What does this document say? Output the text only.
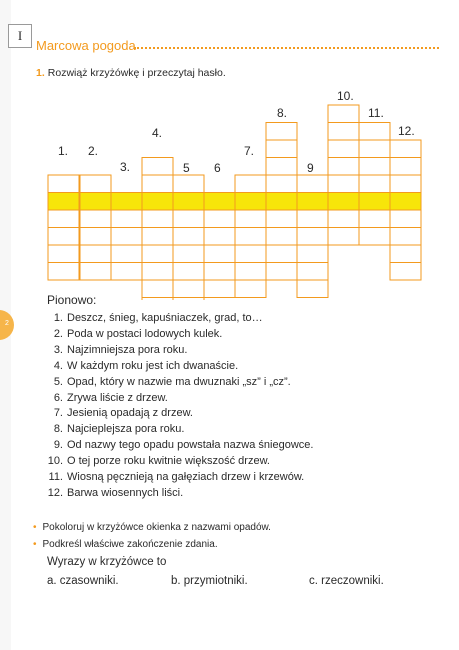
I
Marcowa pogoda
1. Rozwiąż krzyżówkę i przeczytaj hasło.
1. 2.
3.
4.
5 6
7.
8.
9
10.
11.
12.
2
Pionowo:
1. Deszcz, śnieg, kapuśniaczek, grad, to…
2. Poda w postaci lodowych kulek.
3. Najzimniejsza pora roku.
4. W każdym roku jest ich dwanaście.
5. Opad, który w nazwie ma dwuznaki „sz” i „cz”.
6. Zrywa liście z drzew.
7. Jesienią opadają z drzew.
8. Najcieplejsza pora roku.
9. Od nazwy tego opadu powstała nazwa śniegowce.
10. O tej porze roku kwitnie większość drzew.
11. Wiosną pęcznieją na gałęziach drzew i krzewów.
12. Barwa wiosennych liści.
• Pokoloruj w krzyżówce okienka z nazwami opadów.
• Podkreśl właściwe zakończenie zdania.
Wyrazy w krzyżówce to
a. czasowniki.	b. przymiotniki.	c. rzeczowniki.
